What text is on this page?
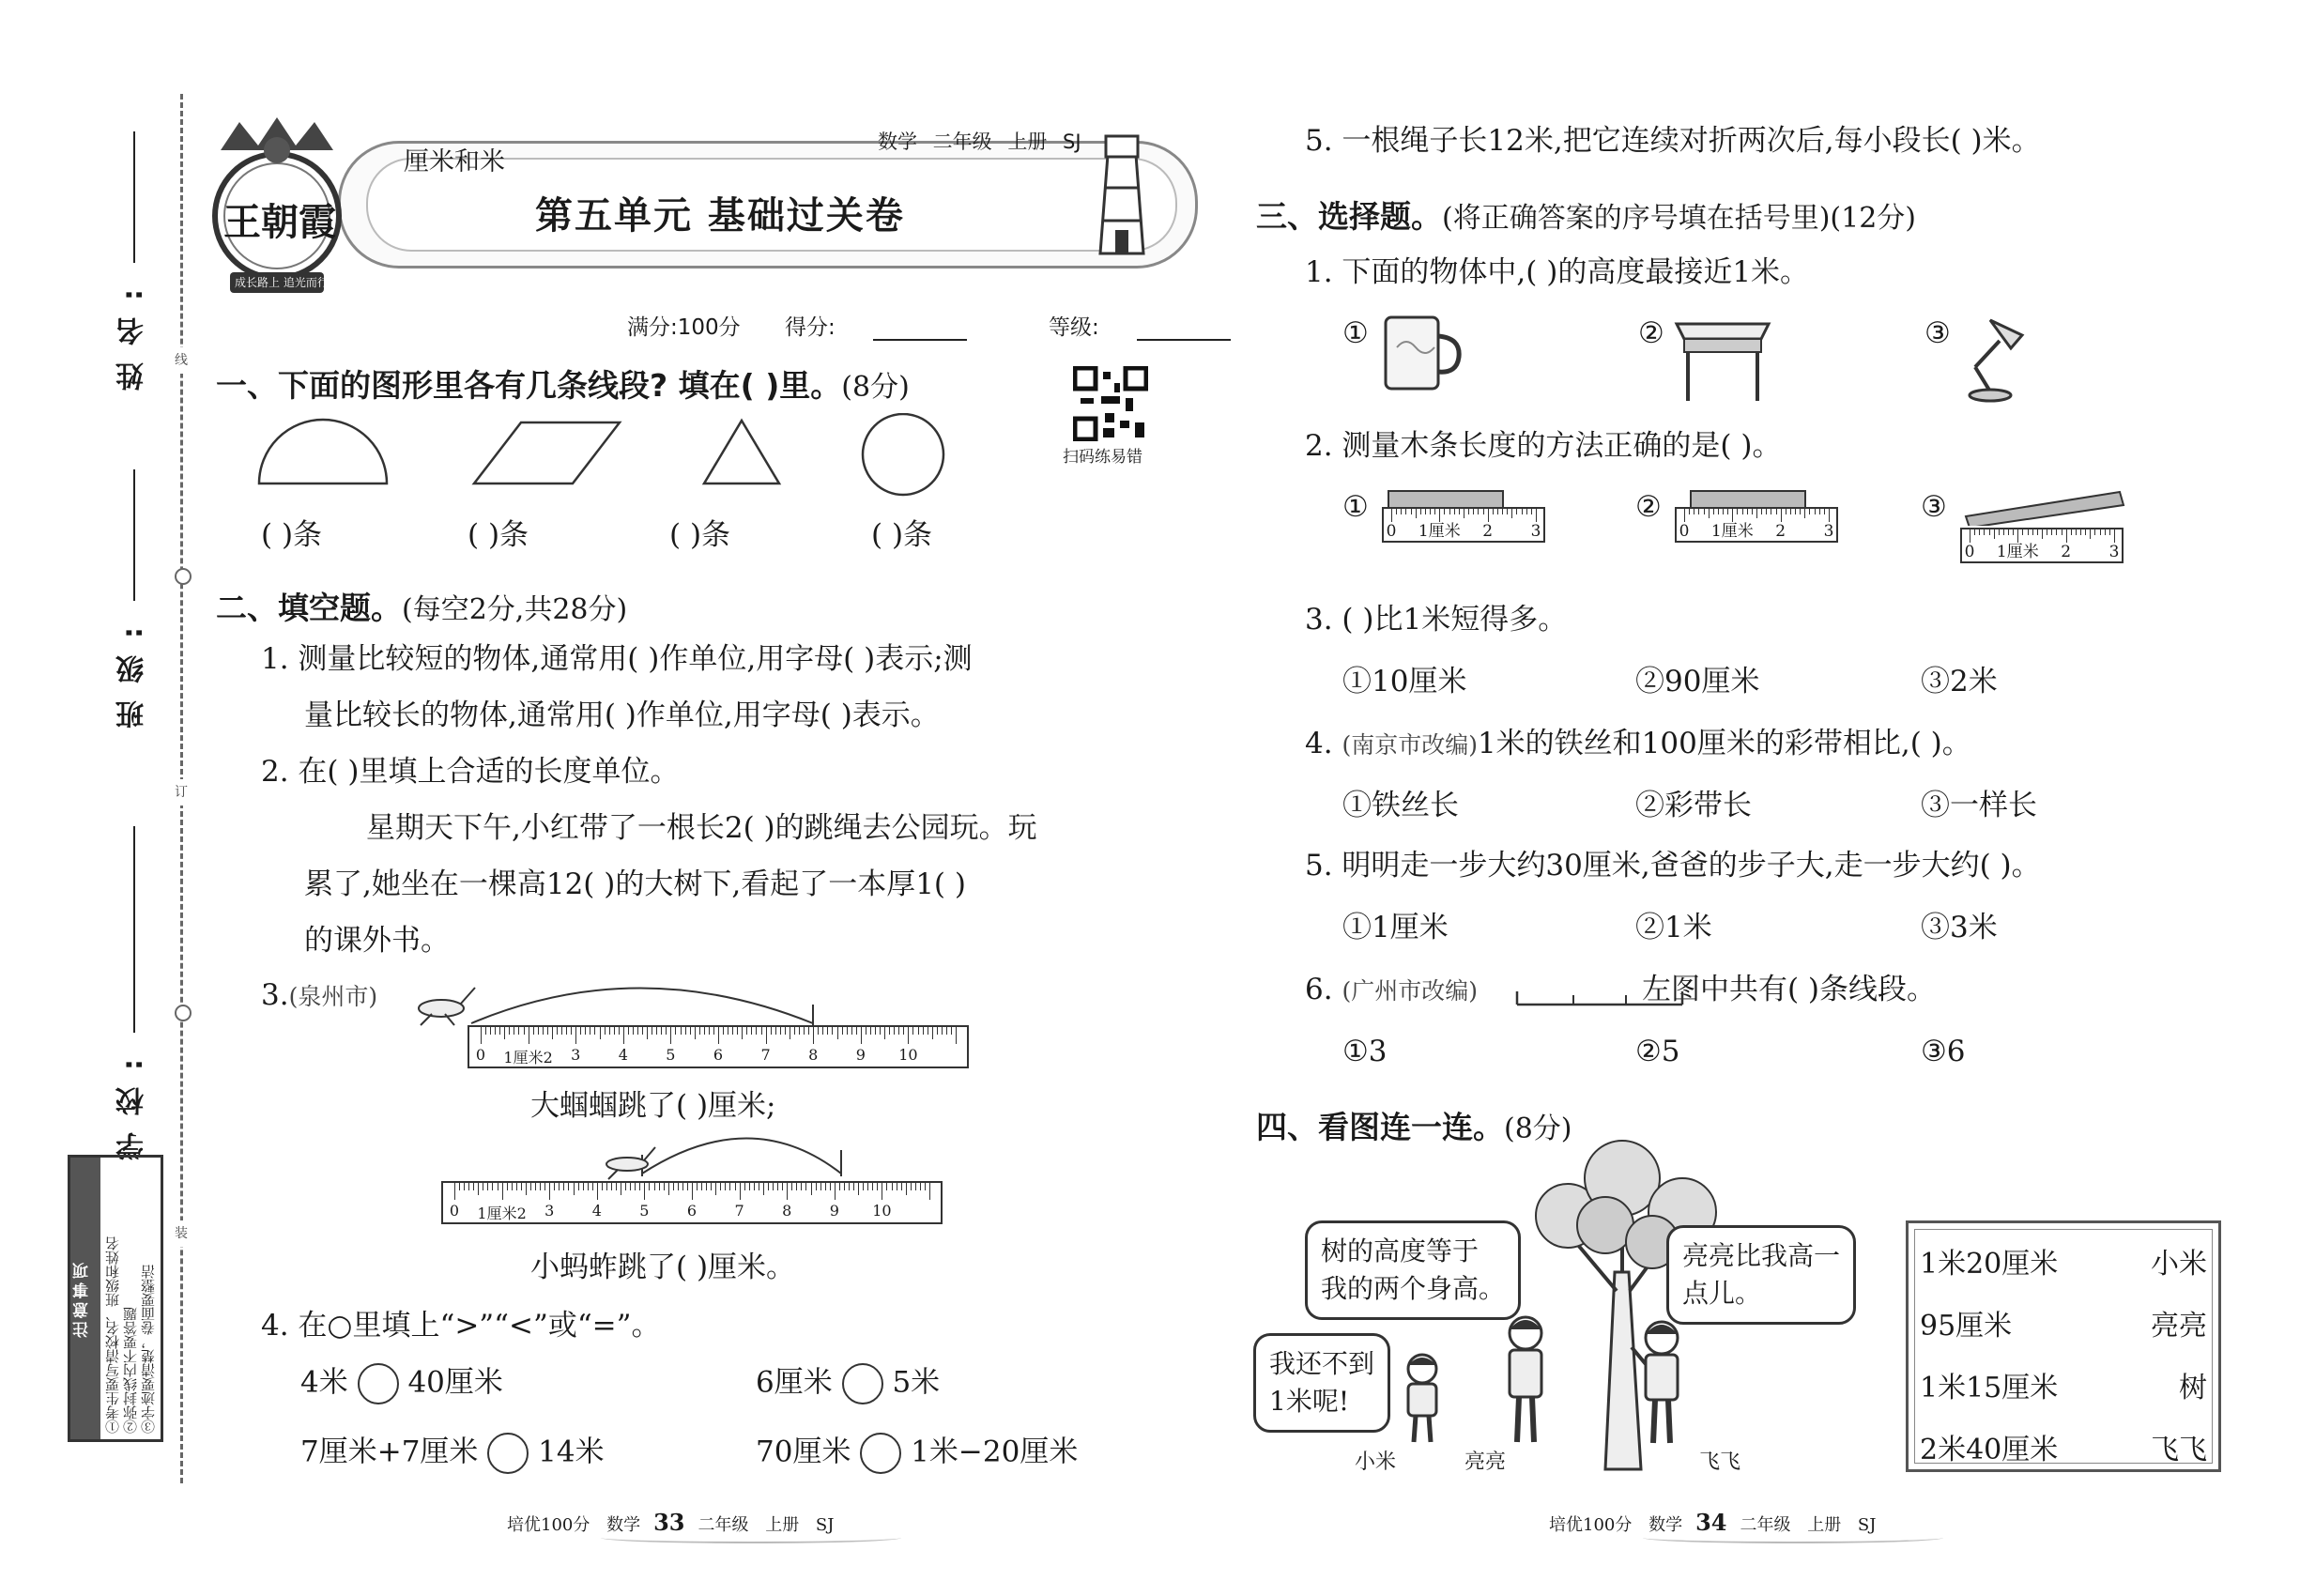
线
订
装
姓名:
班级:
学校:
注意事项 ①考生要写清校名、班级和姓名 ②弥封线内不要答题 ③字迹要清楚，卷面要整洁
王朝霞
成长路上 追光而行
厘米和米
数学 二年级 上册 SJ
第五单元 基础过关卷
满分:100分 得分:	等级:
扫码练易错
一、下面的图形里各有几条线段? 填在( )里。(8分)
( )条	( )条	( )条	( )条
二、填空题。(每空2分,共28分)
1. 测量比较短的物体,通常用( )作单位,用字母( )表示;测
量比较长的物体,通常用( )作单位,用字母( )表示。
2. 在( )里填上合适的长度单位。
星期天下午,小红带了一根长2( )的跳绳去公园玩。玩
累了,她坐在一棵高12( )的大树下,看起了一本厚1( )
的课外书。
3.(泉州市)
0 1厘米2 3	4	5	6	7	8	9 10
大蝈蝈跳了( )厘米;
0 1厘米2 3	4	5	6	7	8	9 10
小蚂蚱跳了( )厘米。
4. 在○里填上“>”“<”或“=”。
4米 40厘米	6厘米 5米
7厘米+7厘米 14米	70厘米 1米−20厘米
培优100分 数学 33 二年级 上册 SJ
5. 一根绳子长12米,把它连续对折两次后,每小段长( )米。
三、选择题。(将正确答案的序号填在括号里)(12分)
1. 下面的物体中,( )的高度最接近1米。
①	②	③
2. 测量木条长度的方法正确的是( )。
①
0 1厘米 2 3
②
0 1厘米 2 3
③
0 1厘米 2 3
3. ( )比1米短得多。
①10厘米	②90厘米	③2米
4. (南京市改编)1米的铁丝和100厘米的彩带相比,( )。
①铁丝长	②彩带长	③一样长
5. 明明走一步大约30厘米,爸爸的步子大,走一步大约( )。
①1厘米	②1米	③3米
6. (广州市改编)	左图中共有( )条线段。
①3	②5	③6
四、看图连一连。(8分)
小米	亮亮	飞飞
树的高度等于
我的两个身高。
亮亮比我高一
点儿。
我还不到
1米呢!
1米20厘米	小米
95厘米	亮亮
1米15厘米	树
2米40厘米	飞飞
培优100分 数学 34 二年级 上册 SJ
